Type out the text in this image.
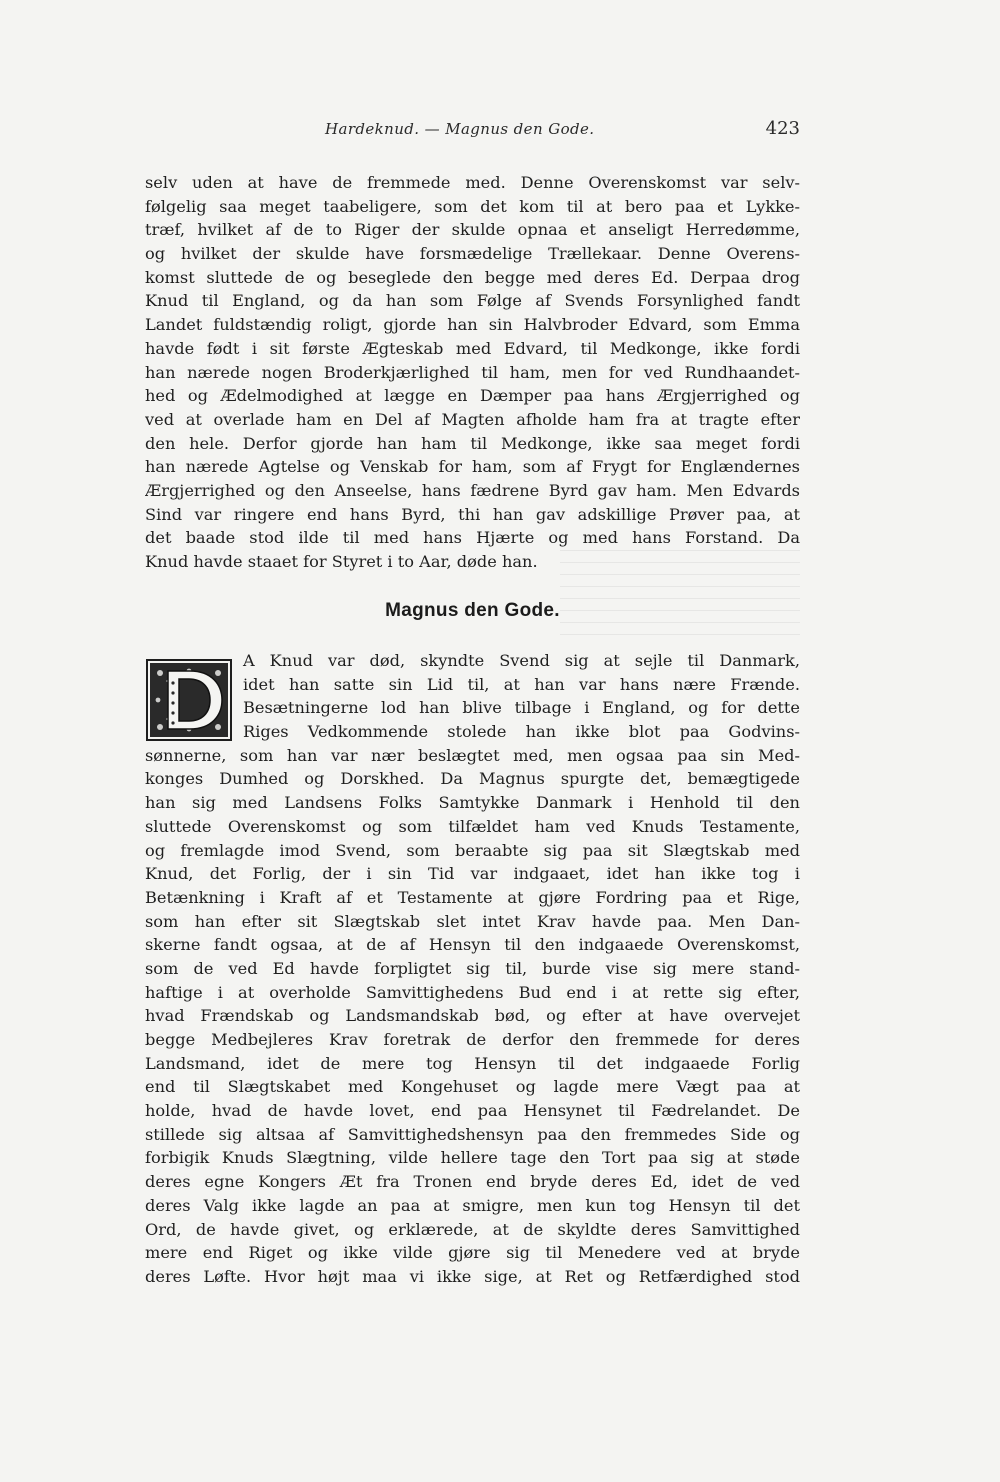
Hardeknud. — Magnus den Gode.	423
selv uden at have de fremmede med. Denne Overenskomst var selv-
følgelig saa meget taabeligere, som det kom til at bero paa et Lykke-
træf, hvilket af de to Riger der skulde opnaa et anseligt Herredømme,
og hvilket der skulde have forsmædelige Trællekaar. Denne Overens-
komst sluttede de og beseglede den begge med deres Ed. Derpaa drog
Knud til England, og da han som Følge af Svends Forsynlighed fandt
Landet fuldstændig roligt, gjorde han sin Halvbroder Edvard, som Emma
havde født i sit første Ægteskab med Edvard, til Medkonge, ikke fordi
han nærede nogen Broderkjærlighed til ham, men for ved Rundhaandet-
hed og Ædelmodighed at lægge en Dæmper paa hans Ærgjerrighed og
ved at overlade ham en Del af Magten afholde ham fra at tragte efter
den hele. Derfor gjorde han ham til Medkonge, ikke saa meget fordi
han nærede Agtelse og Venskab for ham, som af Frygt for Englændernes
Ærgjerrighed og den Anseelse, hans fædrene Byrd gav ham. Men Edvards
Sind var ringere end hans Byrd, thi han gav adskillige Prøver paa, at
det baade stod ilde til med hans Hjærte og med hans Forstand. Da
Knud havde staaet for Styret i to Aar, døde han.
Magnus den Gode.
A Knud var død, skyndte Svend sig at sejle til Danmark,
idet han satte sin Lid til, at han var hans nære Frænde.
Besætningerne lod han blive tilbage i England, og for dette
Riges Vedkommende stolede han ikke blot paa Godvins-
sønnerne, som han var nær beslægtet med, men ogsaa paa sin Med-
konges Dumhed og Dorskhed. Da Magnus spurgte det, bemægtigede
han sig med Landsens Folks Samtykke Danmark i Henhold til den
sluttede Overenskomst og som tilfældet ham ved Knuds Testamente,
og fremlagde imod Svend, som beraabte sig paa sit Slægtskab med
Knud, det Forlig, der i sin Tid var indgaaet, idet han ikke tog i
Betænkning i Kraft af et Testamente at gjøre Fordring paa et Rige,
som han efter sit Slægtskab slet intet Krav havde paa. Men Dan-
skerne fandt ogsaa, at de af Hensyn til den indgaaede Overenskomst,
som de ved Ed havde forpligtet sig til, burde vise sig mere stand-
haftige i at overholde Samvittighedens Bud end i at rette sig efter,
hvad Frændskab og Landsmandskab bød, og efter at have overvejet
begge Medbejleres Krav foretrak de derfor den fremmede for deres
Landsmand, idet de mere tog Hensyn til det indgaaede Forlig
end til Slægtskabet med Kongehuset og lagde mere Vægt paa at
holde, hvad de havde lovet, end paa Hensynet til Fædrelandet. De
stillede sig altsaa af Samvittighedshensyn paa den fremmedes Side og
forbigik Knuds Slægtning, vilde hellere tage den Tort paa sig at støde
deres egne Kongers Æt fra Tronen end bryde deres Ed, idet de ved
deres Valg ikke lagde an paa at smigre, men kun tog Hensyn til det
Ord, de havde givet, og erklærede, at de skyldte deres Samvittighed
mere end Riget og ikke vilde gjøre sig til Menedere ved at bryde
deres Løfte. Hvor højt maa vi ikke sige, at Ret og Retfærdighed stod
